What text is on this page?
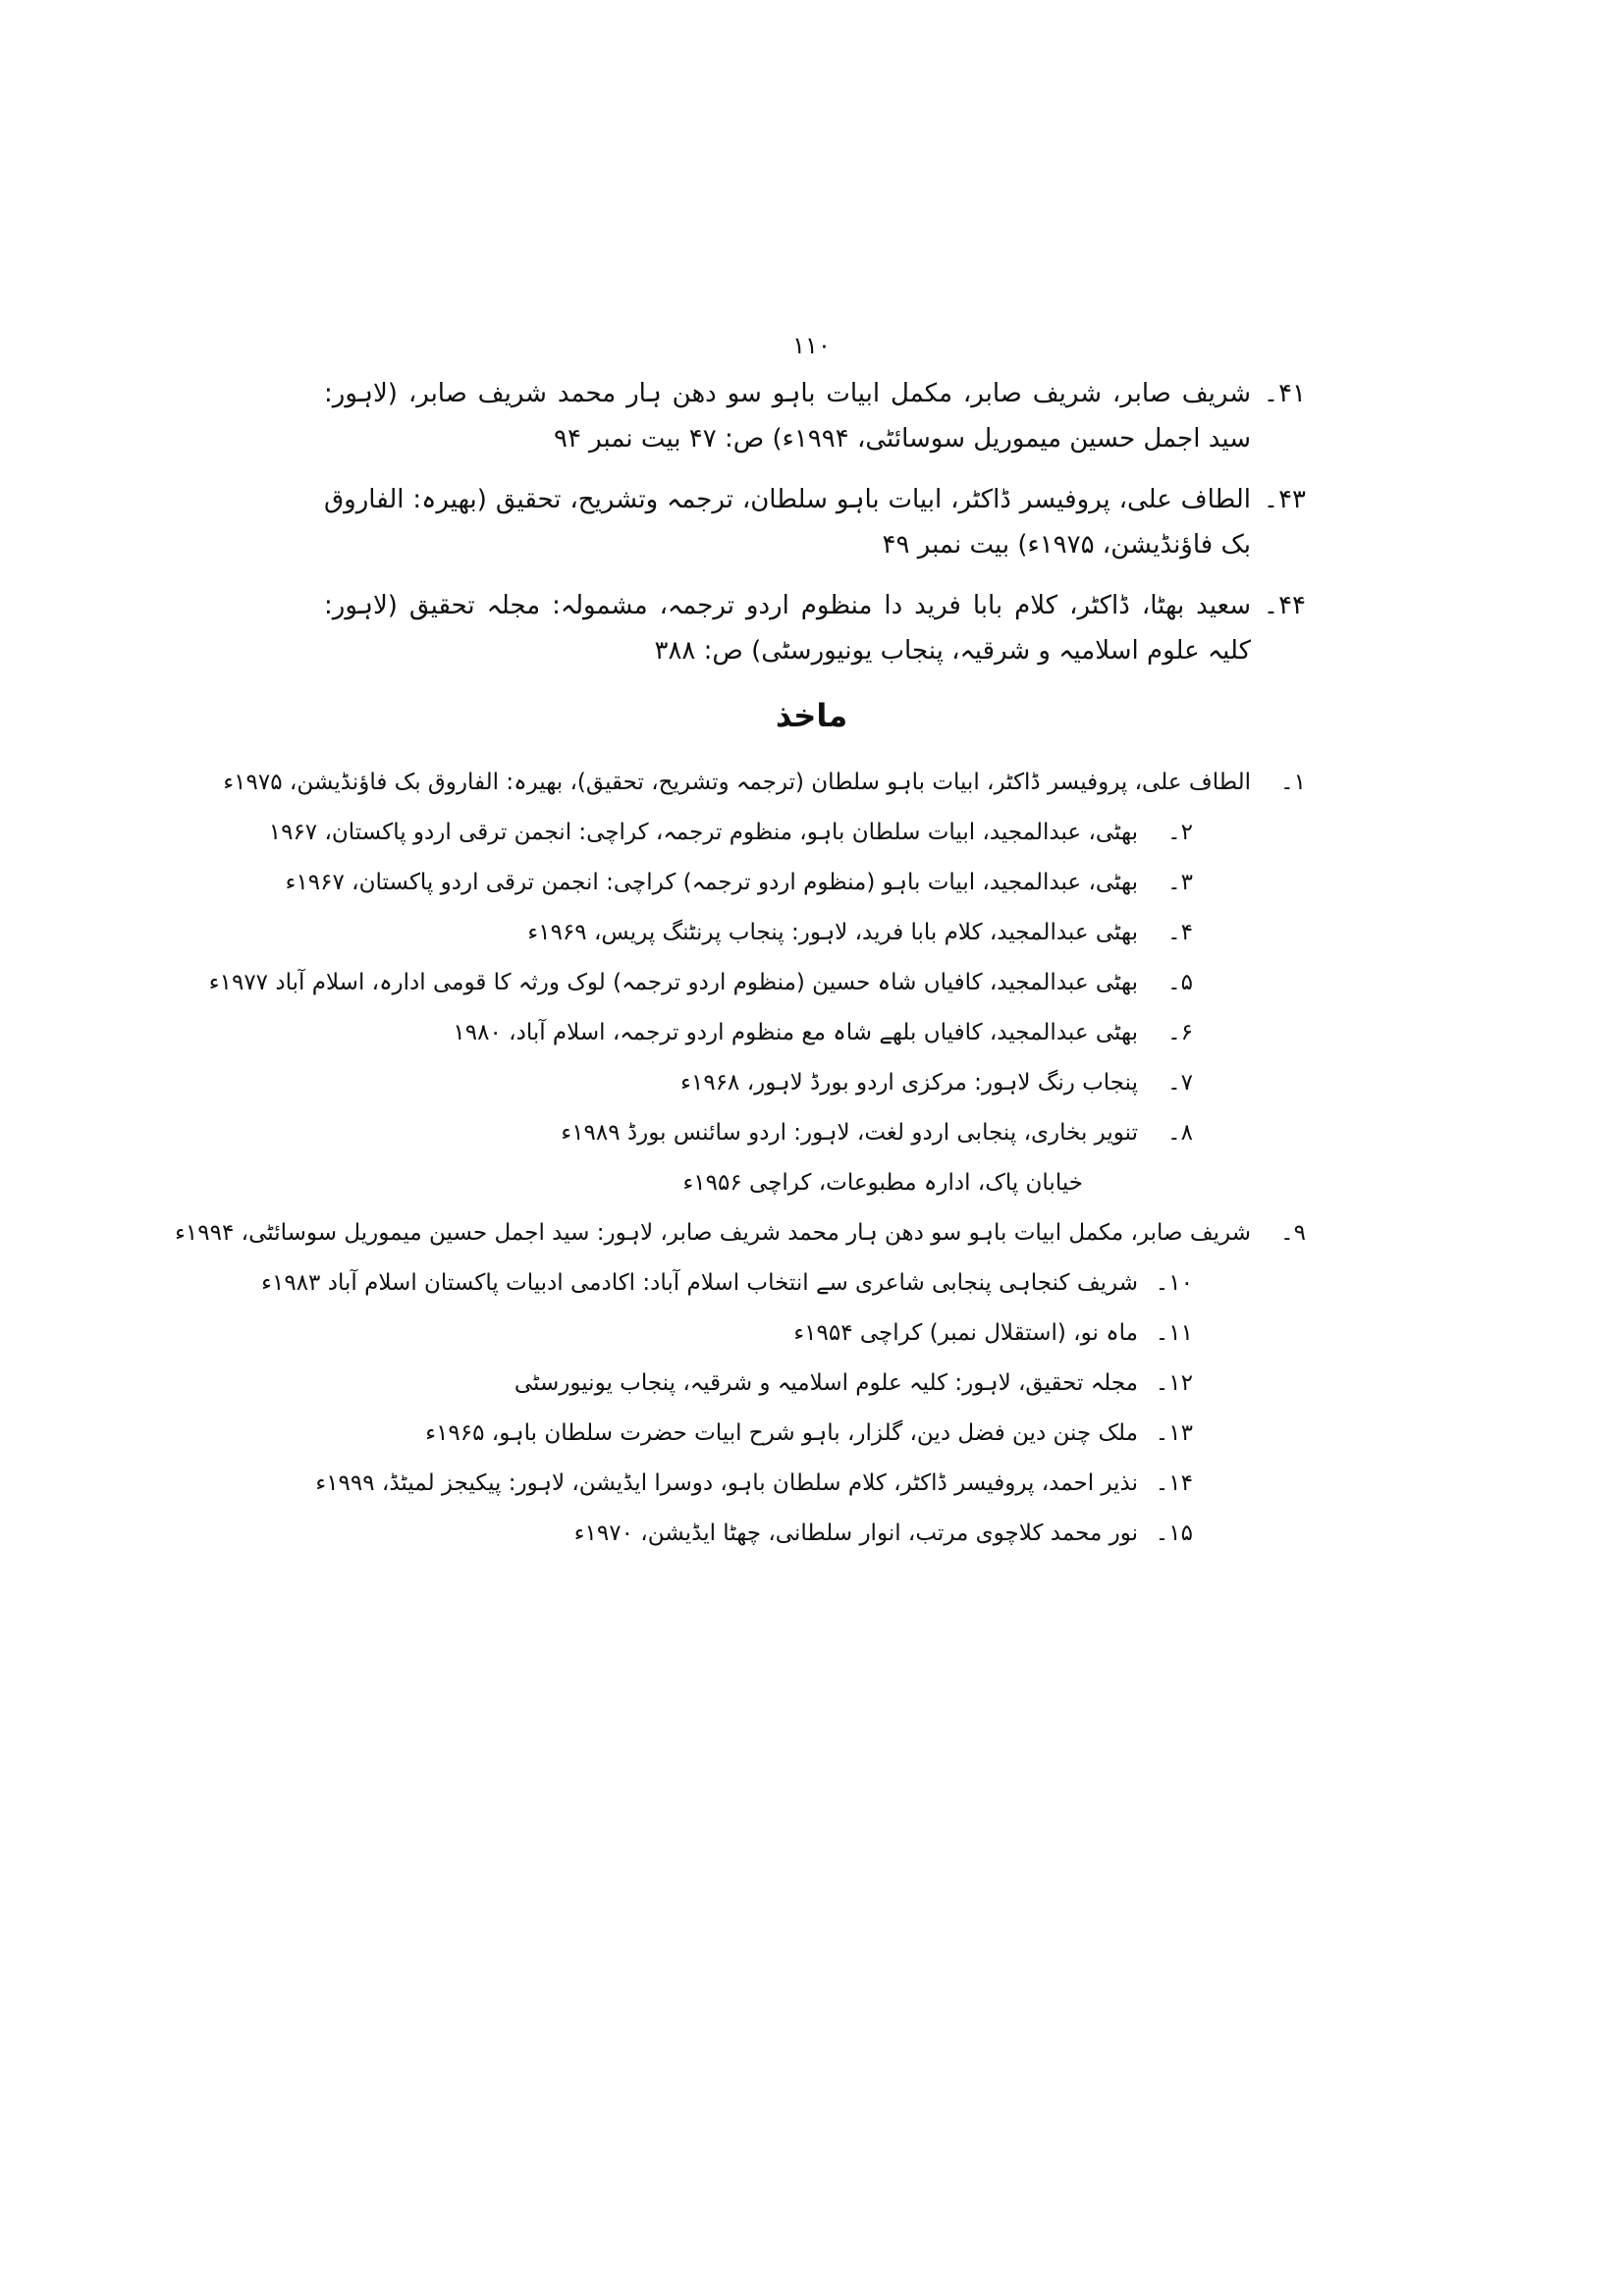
۱۱۰
۴۱۔
شریف صابر، شریف صابر، مکمل ابیات باہو سو دھن ہار محمد شریف صابر، (لاہور: سید اجمل حسین میموریل سوسائٹی، ۱۹۹۴ء) ص: ۴۷ بیت نمبر ۹۴
۴۳۔
الطاف علی، پروفیسر ڈاکٹر، ابیات باہو سلطان، ترجمہ وتشریح، تحقیق (بھیرہ: الفاروق بک فاؤنڈیشن، ۱۹۷۵ء) بیت نمبر ۴۹
۴۴۔
سعید بھٹا، ڈاکٹر، کلام بابا فرید دا منظوم اردو ترجمہ، مشمولہ: مجلہ تحقیق (لاہور: کلیہ علوم اسلامیہ و شرقیہ، پنجاب یونیورسٹی) ص: ۳۸۸
ماخذ
۱۔
الطاف علی، پروفیسر ڈاکٹر، ابیات باہو سلطان (ترجمہ وتشریح، تحقیق)، بھیرہ: الفاروق بک فاؤنڈیشن، ۱۹۷۵ء
۲۔
بھٹی، عبدالمجید، ابیات سلطان باہو، منظوم ترجمہ، کراچی: انجمن ترقی اردو پاکستان، ۱۹۶۷
۳۔
بھٹی، عبدالمجید، ابیات باہو (منظوم اردو ترجمہ) کراچی: انجمن ترقی اردو پاکستان، ۱۹۶۷ء
۴۔
بھٹی عبدالمجید، کلام بابا فرید، لاہور: پنجاب پرنٹنگ پریس، ۱۹۶۹ء
۵۔
بھٹی عبدالمجید، کافیاں شاہ حسین (منظوم اردو ترجمہ) لوک ورثہ کا قومی ادارہ، اسلام آباد ۱۹۷۷ء
۶۔
بھٹی عبدالمجید، کافیاں بلھے شاہ مع منظوم اردو ترجمہ، اسلام آباد، ۱۹۸۰
۷۔
پنجاب رنگ لاہور: مرکزی اردو بورڈ لاہور، ۱۹۶۸ء
۸۔
تنویر بخاری، پنجابی اردو لغت، لاہور: اردو سائنس بورڈ ۱۹۸۹ء
خیابان پاک، ادارہ مطبوعات، کراچی ۱۹۵۶ء
۹۔
شریف صابر، مکمل ابیات باہو سو دھن ہار محمد شریف صابر، لاہور: سید اجمل حسین میموریل سوسائٹی، ۱۹۹۴ء
۱۰۔
شریف کنجاہی پنجابی شاعری سے انتخاب اسلام آباد: اکادمی ادبیات پاکستان اسلام آباد ۱۹۸۳ء
۱۱۔
ماہ نو، (استقلال نمبر) کراچی ۱۹۵۴ء
۱۲۔
مجلہ تحقیق، لاہور: کلیہ علوم اسلامیہ و شرقیہ، پنجاب یونیورسٹی
۱۳۔
ملک چنن دین فضل دین، گلزار، باہو شرح ابیات حضرت سلطان باہو، ۱۹۶۵ء
۱۴۔
نذیر احمد، پروفیسر ڈاکٹر، کلام سلطان باہو، دوسرا ایڈیشن، لاہور: پیکیجز لمیٹڈ، ۱۹۹۹ء
۱۵۔
نور محمد کلاچوی مرتب، انوار سلطانی، چھٹا ایڈیشن، ۱۹۷۰ء
